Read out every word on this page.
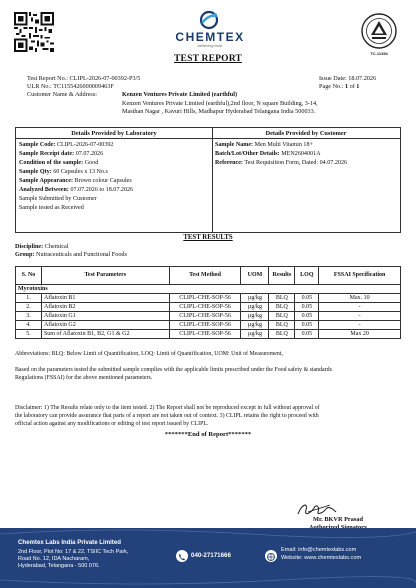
CHEMTEX
believing trust
TC-11354
TEST REPORT
Test Report No.: CLIPL-2026-07-00392-P3/5
ULR No.: TC1155426000009463F
Customer Name & Address:	Kenzen Ventures Private Limited (earthful)
Kenzen Ventures Private Limited (earthful),2nd floor, N square Building, 3-14,
Masthan Nagar , Kavuri Hills, Madhapur Hyderabad Telangana India 500033.
Issue Date: 18.07.2026
Page No.: 1 of 1
Details Provided by Laboratory	Details Provided by Customer
Sample Code: CLIPL-2026-07-00392
Sample Receipt date: 07.07.2026
Condition of the sample: Good
Sample Qty: 60 Capsules x 13 No.s
Sample Appearance: Brown colour Capsules
Analyzed Between: 07.07.2026 to 18.07.2026
Sample Submitted by Customer
Sample tested as Received
Sample Name: Men Multi Vitamin 18+
Batch/Lot/Other Details: MEN2604001A
Reference: Test Requisition Form, Dated: 04.07.2026
TEST RESULTS
Discipline: Chemical
Group: Nutraceuticals and Functional Foods
S. No	Test Parameters	Test Method	UOM	Results	LOQ	FSSAI Specification
Mycotoxins						
1.	Aflatoxin B1	CLIPL-CHE-SOP-56	µg/kg	BLQ	0.05	Max. 10
2.	Aflatoxin B2	CLIPL-CHE-SOP-56	µg/kg	BLQ	0.05	-
3.	Aflatoxin G1	CLIPL-CHE-SOP-56	µg/kg	BLQ	0.05	-
4.	Aflatoxin G2	CLIPL-CHE-SOP-56	µg/kg	BLQ	0.05	-
5.	Sum of Aflatoxin B1, B2, G1 & G2	CLIPL-CHE-SOP-56	µg/kg	BLQ	0.05	Max 20
Abbreviations: BLQ: Below Limit of Quantification, LOQ: Limit of Quantification, UOM: Unit of Measurement,
Based on the parameters tested the submitted sample complies with the applicable limits prescribed under the Food safety & standards
Regulations (FSSAI) for the above mentioned parameters.
Disclaimer: 1) The Results relate only to the item tested. 2) The Report shall not be reproduced except in full without approval of
the laboratory can provide assurance that parts of a report are not taken out of context. 3) CLIPL retains the right to proceed with
official action against any modifications or editing of test report issued by CLIPL.
*******End of Report*******
Mr. BKVR Prasad
Chemtex Labs India Private Limited
2nd Floor, Plot No: 17 & 22, TSIIC Tech Park,
Road No. 12, IDA Nacharam,
Hyderabad, Telangana - 500 076.
040-27171666
Email: info@chemtexlabs.com
Website: www.chemtexlabs.com
